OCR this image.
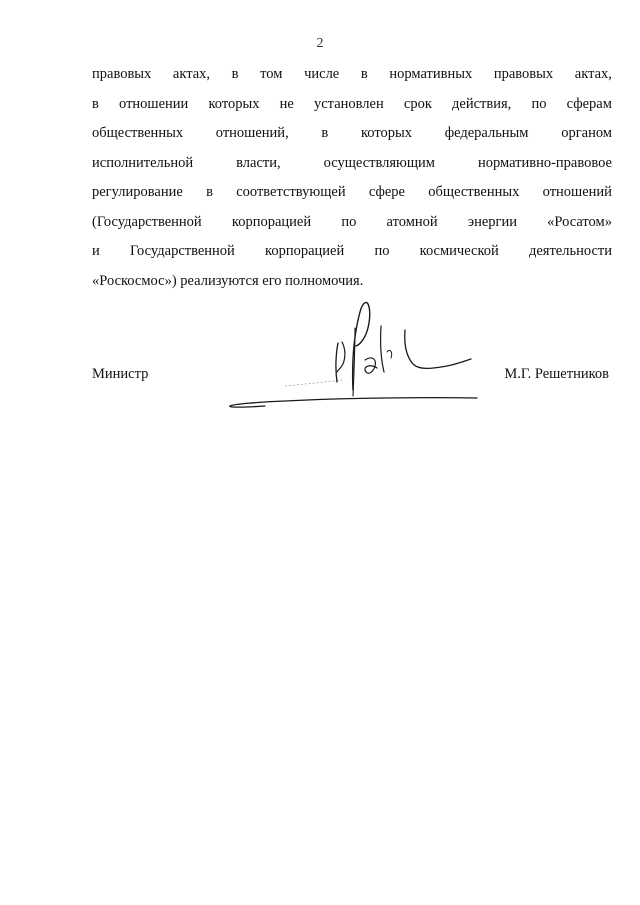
2
правовых актах, в том числе в нормативных правовых актах,
в отношении которых не установлен срок действия, по сферам
общественных отношений, в которых федеральным органом
исполнительной	власти,	осуществляющим	нормативно-правовое
регулирование в соответствующей сфере общественных отношений
(Государственной корпорацией по атомной энергии «Росатом»
и Государственной корпорацией по космической деятельности
«Роскосмос») реализуются его полномочия.
Министр	М.Г. Решетников
